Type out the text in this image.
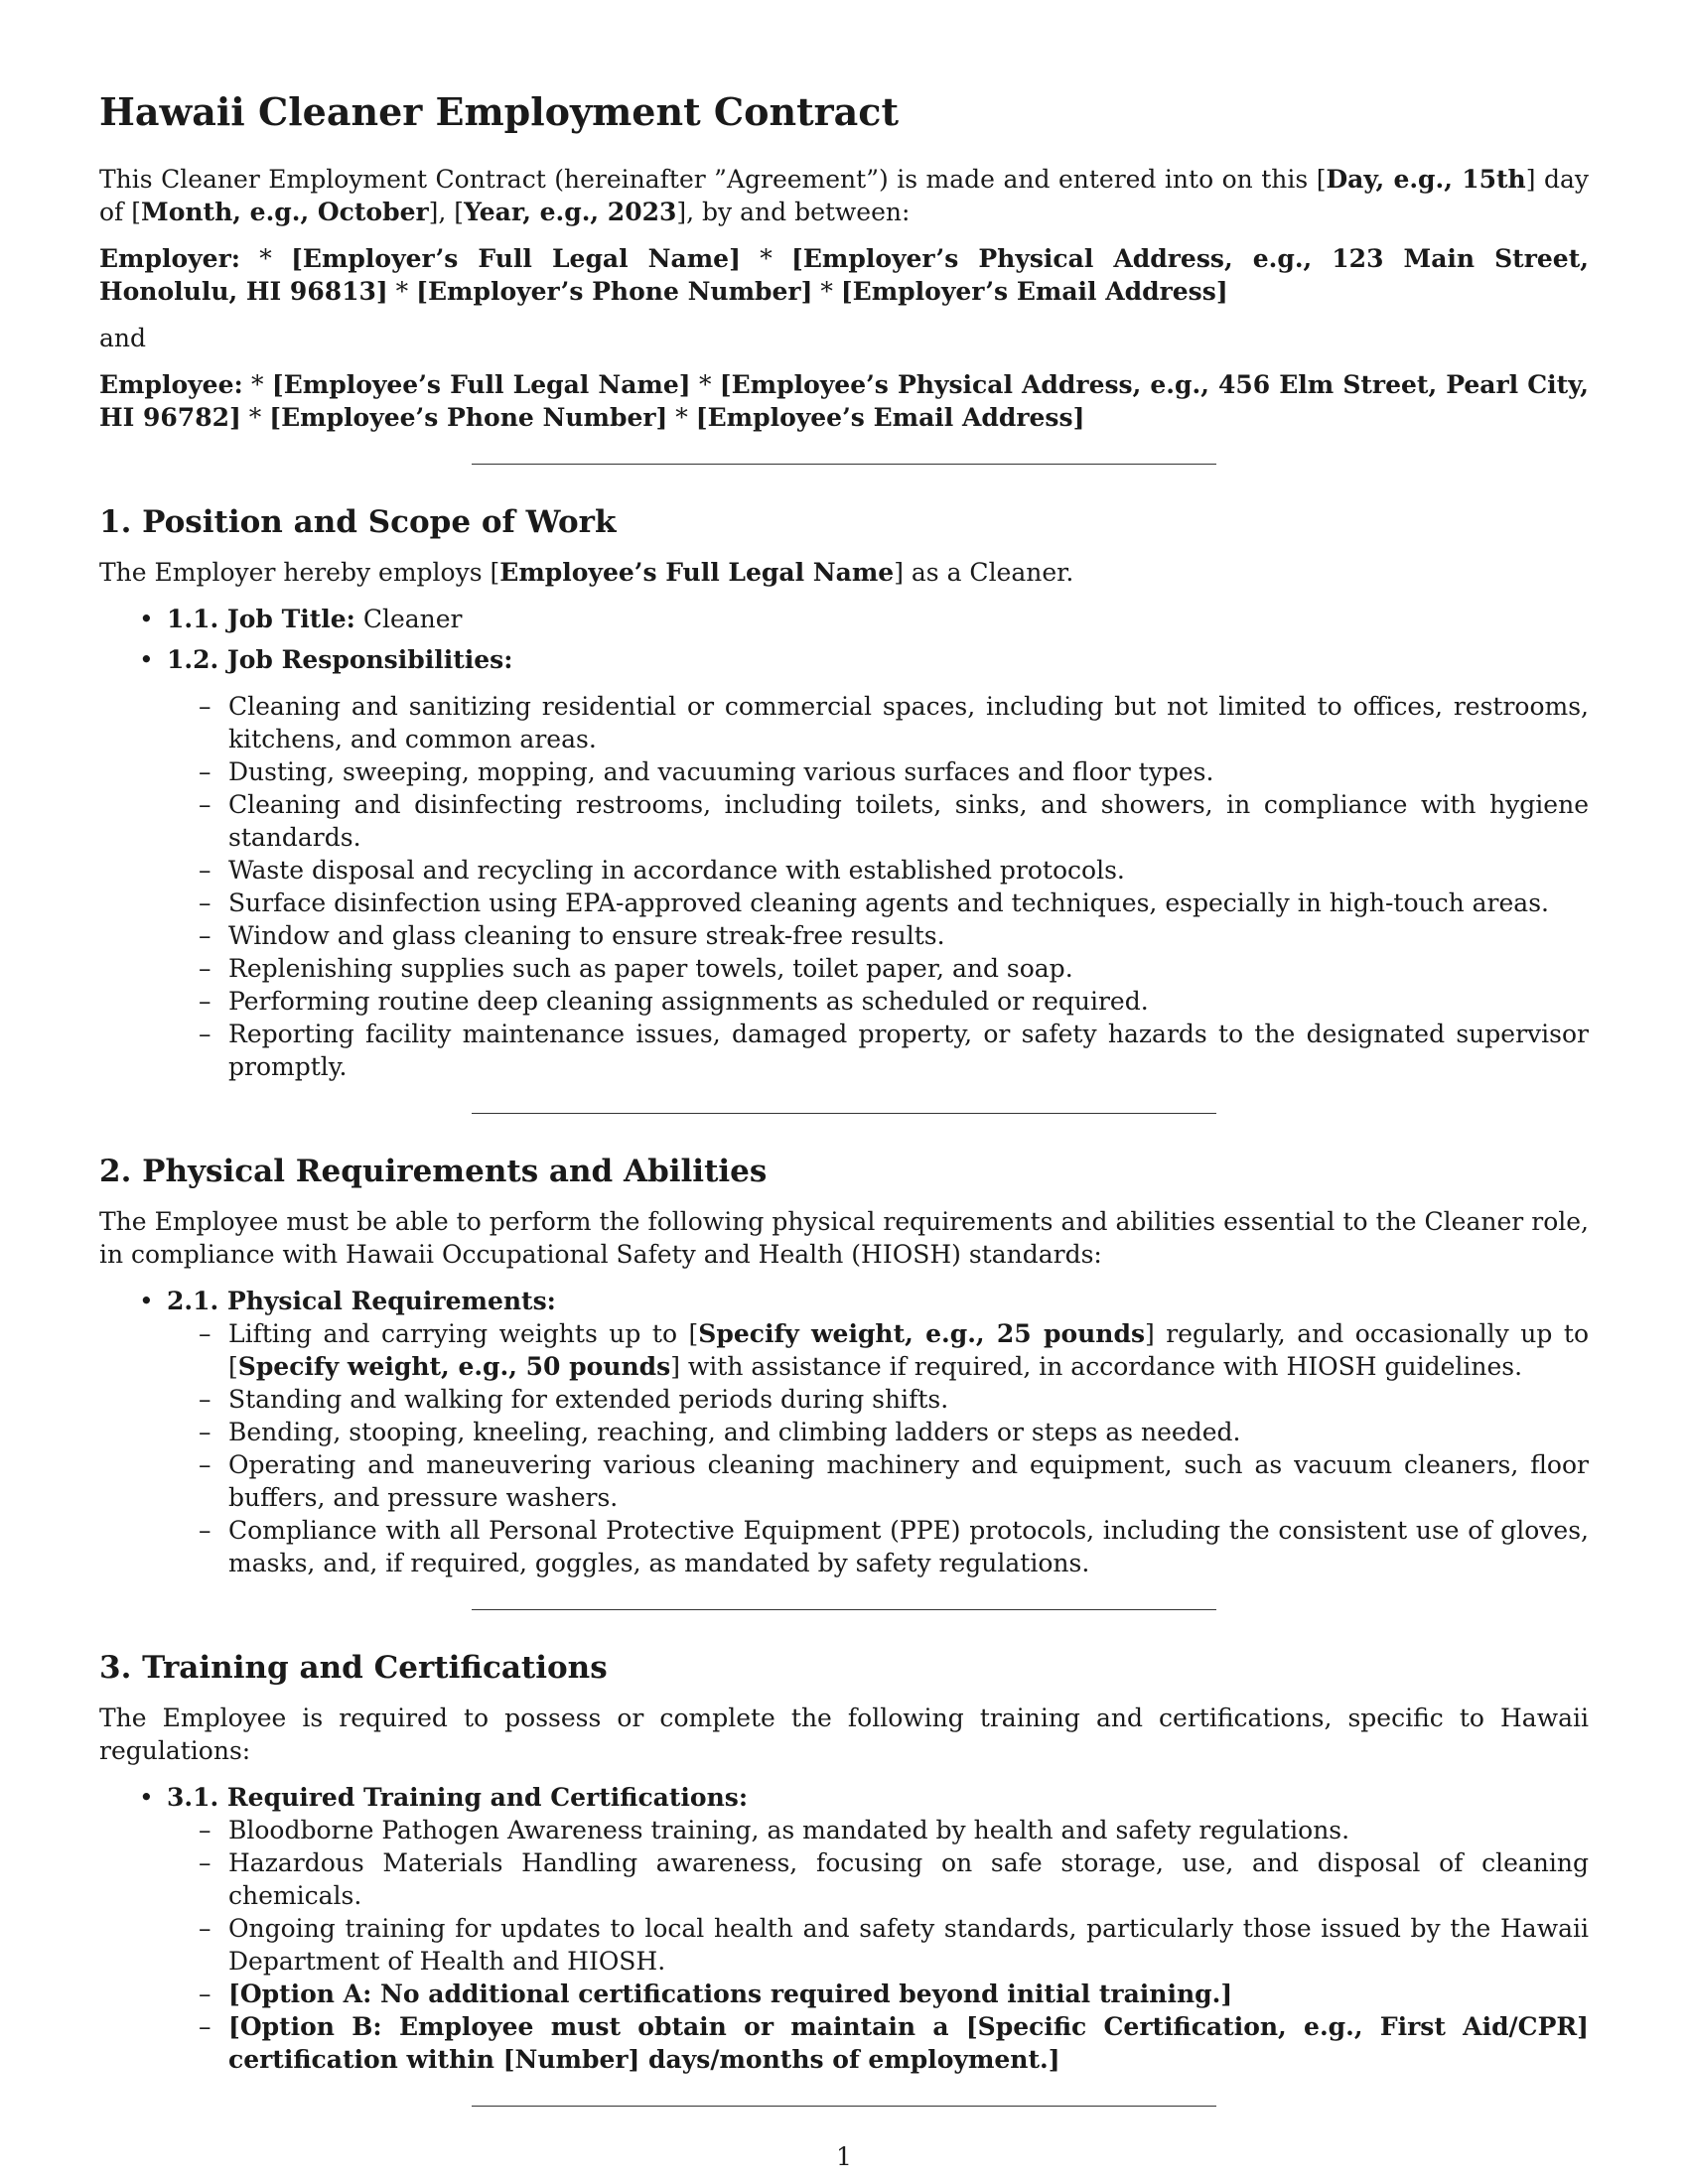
Hawaii Cleaner Employment Contract

This Cleaner Employment Contract (hereinafter ”Agreement”) is made and entered into on this [Day, e.g., 15th] day of [Month, e.g., October], [Year, e.g., 2023], by and between:

Employer: * [Employer’s Full Legal Name] * [Employer’s Physical Address, e.g., 123 Main Street, Honolulu, HI 96813] * [Employer’s Phone Number] * [Employer’s Email Address]

and

Employee: * [Employee’s Full Legal Name] * [Employee’s Physical Address, e.g., 456 Elm Street, Pearl City, HI 96782] * [Employee’s Phone Number] * [Employee’s Email Address]

1. Position and Scope of Work

The Employer hereby employs [Employee’s Full Legal Name] as a Cleaner.

• 1.1. Job Title: Cleaner
• 1.2. Job Responsibilities:
– Cleaning and sanitizing residential or commercial spaces, including but not limited to offices, restrooms, kitchens, and common areas.
– Dusting, sweeping, mopping, and vacuuming various surfaces and floor types.
– Cleaning and disinfecting restrooms, including toilets, sinks, and showers, in compliance with hygiene standards.
– Waste disposal and recycling in accordance with established protocols.
– Surface disinfection using EPA-approved cleaning agents and techniques, especially in high-touch areas.
– Window and glass cleaning to ensure streak-free results.
– Replenishing supplies such as paper towels, toilet paper, and soap.
– Performing routine deep cleaning assignments as scheduled or required.
– Reporting facility maintenance issues, damaged property, or safety hazards to the designated supervisor promptly.
2. Physical Requirements and Abilities

The Employee must be able to perform the following physical requirements and abilities essential to the Cleaner role, in compliance with Hawaii Occupational Safety and Health (HIOSH) standards:

• 2.1. Physical Requirements:
– Lifting and carrying weights up to [Specify weight, e.g., 25 pounds] regularly, and occasionally up to [Specify weight, e.g., 50 pounds] with assistance if required, in accordance with HIOSH guidelines.
– Standing and walking for extended periods during shifts.
– Bending, stooping, kneeling, reaching, and climbing ladders or steps as needed.
– Operating and maneuvering various cleaning machinery and equipment, such as vacuum cleaners, floor buffers, and pressure washers.
– Compliance with all Personal Protective Equipment (PPE) protocols, including the consistent use of gloves, masks, and, if required, goggles, as mandated by safety regulations.
3. Training and Certifications

The Employee is required to possess or complete the following training and certifications, specific to Hawaii regulations:

• 3.1. Required Training and Certifications:
– Bloodborne Pathogen Awareness training, as mandated by health and safety regulations.
– Hazardous Materials Handling awareness, focusing on safe storage, use, and disposal of cleaning chemicals.
– Ongoing training for updates to local health and safety standards, particularly those issued by the Hawaii Department of Health and HIOSH.
– [Option A: No additional certifications required beyond initial training.]
– [Option B: Employee must obtain or maintain a [Specific Certification, e.g., First Aid/CPR] certification within [Number] days/months of employment.]
1
